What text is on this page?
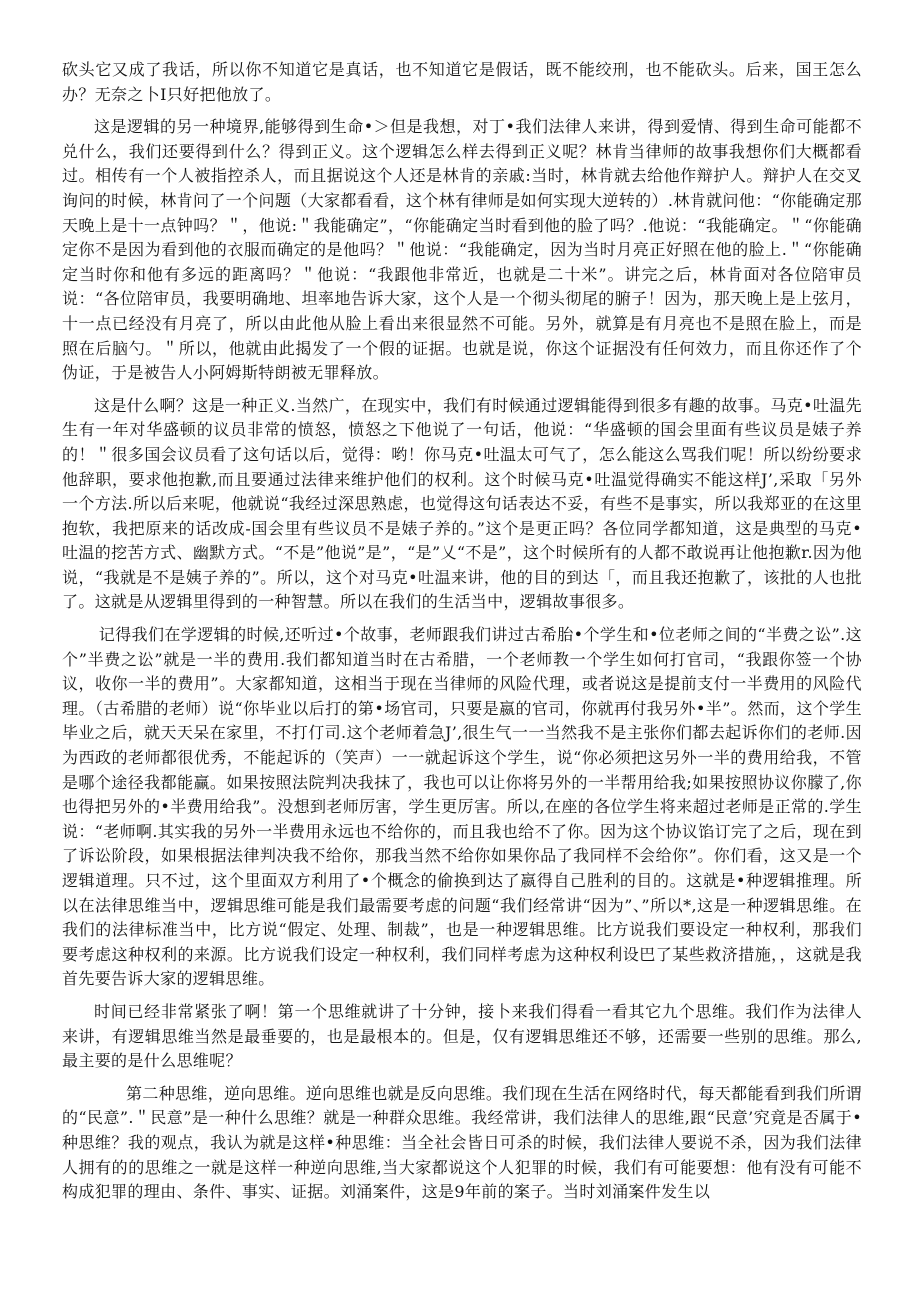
砍头它又成了我话，所以你不知道它是真话，也不知道它是假话，既不能绞刑，也不能砍头。后来，国王怎么办？无奈之卜I只好把他放了。

这是逻辑的另一种境界,能够得到生命•＞但是我想，对丁•我们法律人来讲，得到爱情、得到生命可能都不兑什么，我们还要得到什么？得到正义。这个逻辑怎么样去得到正义呢？林肯当律师的故事我想你们大概都看过。相传有一个人被指控杀人，而且据说这个人还是林肯的亲戚:当时，林肯就去给他作辩护人。辩护人在交叉询问的时候，林肯问了一个问题（大家都看看，这个林有律师是如何实现大逆转的）.林肯就问他：“你能确定那天晚上是十一点钟吗？＂，他说:＂我能确定”，“你能确定当时看到他的脸了吗？.他说：“我能确定。＂“你能确定你不是因为看到他的衣服而确定的是他吗？＂他说：“我能确定，因为当时月亮正好照在他的脸上.＂“你能确定当时你和他有多远的距离吗？＂他说：“我跟他非常近，也就是二十米”。讲完之后，林肯面对各位陪审员说：“各位陪审员，我要明确地、坦率地告诉大家，这个人是一个彻头彻尾的腑子！因为，那天晚上是上弦月，十一点已经没有月亮了，所以由此他从脸上看出来很显然不可能。另外，就算是有月亮也不是照在脸上，而是照在后脑勺。＂所以，他就由此揭发了一个假的证据。也就是说，你这个证据没有任何效力，而且你还作了个伪证，于是被告人小阿姆斯特朗被无罪释放。

这是什么啊？这是一种正义.当然广，在现实中，我们有时候通过逻辑能得到很多有趣的故事。马克•吐温先生有一年对华盛顿的议员非常的愤怒，愤怒之下他说了一句话，他说：“华盛顿的国会里面有些议员是婊子养的！＂很多国会议员看了这句话以后，觉得：哟！你马克•吐温太可气了，怎么能这么骂我们呢！所以纷纷要求他辞职，要求他抱歉,而且要通过法律来维护他们的权利。这个时候马克•吐温觉得确实不能这样J’,采取「另外一个方法.所以后来呢，他就说“我经过深思熟虑，也觉得这句话表达不妥，有些不是事实，所以我郑亚的在这里抱软，我把原来的话改成-国会里有些议员不是婊子养的。”这个是更正吗？各位同学都知道，这是典型的马克•吐温的挖苦方式、幽默方式。“不是”他说”是”，“是”乂“不是”，这个时候所有的人都不敢说再让他抱歉r.因为他说，“我就是不是姨子养的”。所以，这个对马克•吐温来讲，他的目的到达「，而且我还抱歉了，该批的人也批了。这就是从逻辑里得到的一种智慧。所以在我们的生活当中，逻辑故事很多。

记得我们在学逻辑的时候,还听过•个故事，老师跟我们讲过古希胎•个学生和•位老师之间的“半费之讼”.这个”半费之讼”就是一半的费用.我们都知道当时在古希腊，一个老师教一个学生如何打官司，“我跟你签一个协议，收你一半的费用”。大家都知道，这相当于现在当律师的风险代理，或者说这是提前支付一半费用的风险代理。（古希腊的老师）说“你毕业以后打的第•场官司，只要是嬴的官司，你就再付我另外•半”。然而，这个学生毕业之后，就天天呆在家里，不打仃司.这个老师着急J’,很生气一一当然我不是主张你们都去起诉你们的老师.因为西政的老师都很优秀，不能起诉的（笑声）一一就起诉这个学生，说“你必须把这另外一半的费用给我，不管是哪个途径我都能赢。如果按照法院判决我抹了，我也可以让你将另外的一半帮用给我;如果按照协议你朦了,你也得把另外的•半费用给我”。没想到老师厉害，学生更厉害。所以,在座的各位学生将来超过老师是正常的.学生说：“老师啊.其实我的另外一半费用永远也不给你的，而且我也给不了你。因为这个协议馅订完了之后，现在到了诉讼阶段，如果根据法律判决我不给你，那我当然不给你如果你品了我同样不会给你”。你们看，这又是一个逻辑道理。只不过，这个里面双方利用了•个概念的偷换到达了嬴得自己胜利的目的。这就是•种逻辑推理。所以在法律思维当中，逻辑思维可能是我们最需要考虑的问题“我们经常讲“因为”、”所以*,这是一种逻辑思维。在我们的法律标准当中，比方说“假定、处理、制裁”，也是一种逻辑思维。比方说我们要设定一种权利，那我们要考虑这种权利的来源。比方说我们设定一种权利，我们同样考虑为这种权利设巴了某些救济措施，，这就是我首先要告诉大家的逻辑思维。

时间已经非常紧张了啊！第一个思维就讲了十分钟，接卜来我们得看一看其它九个思维。我们作为法律人来讲，有逻辑思维当然是最垂要的，也是最根本的。但是，仅有逻辑思维还不够，还需要一些别的思维。那么,最主要的是什么思维呢？

第二种思维，逆向思维。逆向思维也就是反向思维。我们现在生活在网络时代，每天都能看到我们所谓的“民意”.＂民意”是一种什么思维？就是一种群众思维。我经常讲，我们法律人的思维,跟“民意’究竟是否属于•种思维？我的观点，我认为就是这样•种思维：当全社会皆日可杀的时候，我们法律人要说不杀，因为我们法律人拥有的的思维之一就是这样一种逆向思维,当大家都说这个人犯罪的时候，我们有可能要想：他有没有可能不构成犯罪的理由、条件、事实、证据。刘涌案件，这是9年前的案子。当时刘涌案件发生以
